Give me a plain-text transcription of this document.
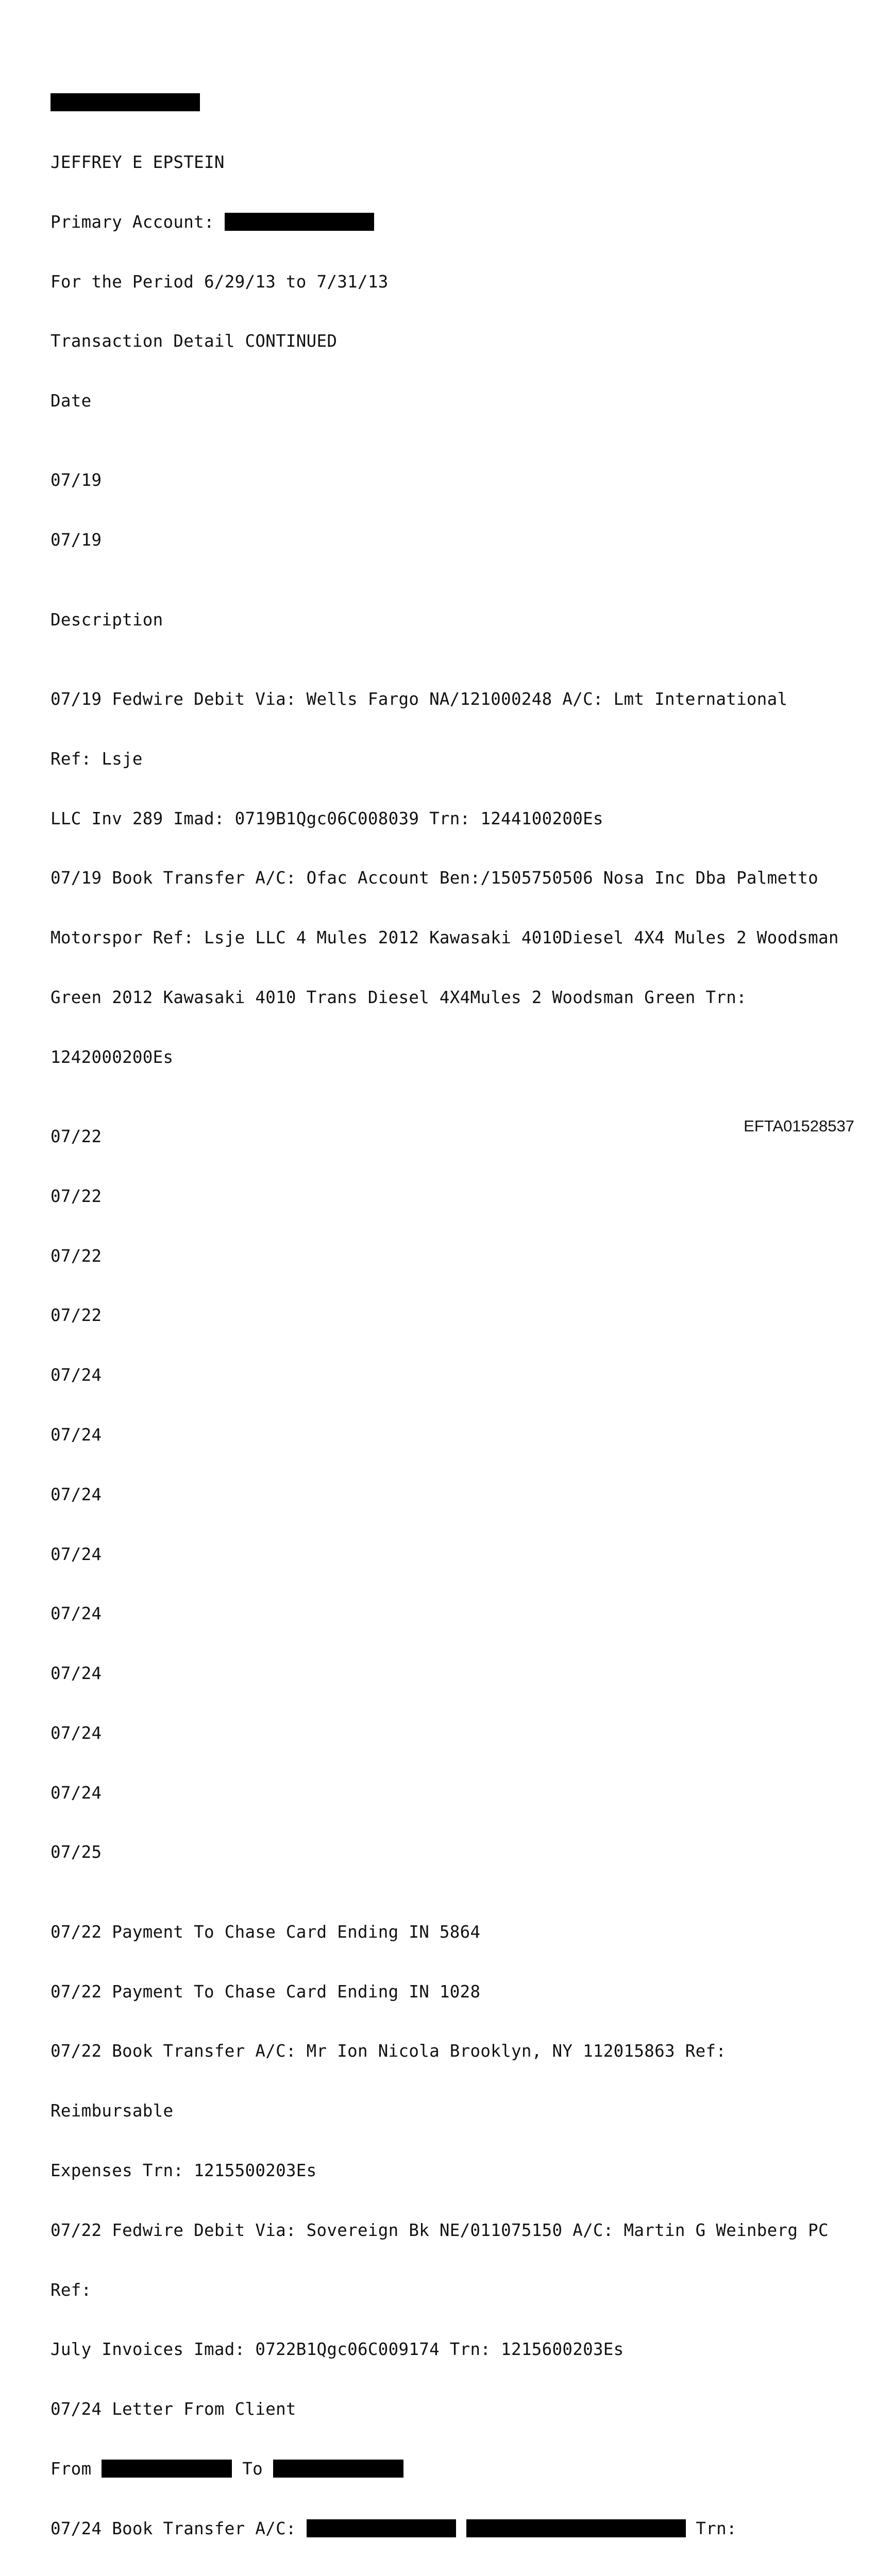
JEFFREY E EPSTEIN

Primary Account:

For the Period 6/29/13 to 7/31/13

Transaction Detail CONTINUED

Date

07/19

07/19

Description

07/19 Fedwire Debit Via: Wells Fargo NA/121000248 A/C: Lmt International

Ref: Lsje

LLC Inv 289 Imad: 0719B1Qgc06C008039 Trn: 1244100200Es

07/19 Book Transfer A/C: Ofac Account Ben:/1505750506 Nosa Inc Dba Palmetto

Motorspor Ref: Lsje LLC 4 Mules 2012 Kawasaki 4010Diesel 4X4 Mules 2 Woodsman

Green 2012 Kawasaki 4010 Trans Diesel 4X4Mules 2 Woodsman Green Trn:

1242000200Es

07/22

07/22

07/22

07/22

07/24

07/24

07/24

07/24

07/24

07/24

07/24

07/24

07/25

07/22 Payment To Chase Card Ending IN 5864

07/22 Payment To Chase Card Ending IN 1028

07/22 Book Transfer A/C: Mr Ion Nicola Brooklyn, NY 112015863 Ref:

Reimbursable

Expenses Trn: 1215500203Es

07/22 Fedwire Debit Via: Sovereign Bk NE/011075150 A/C: Martin G Weinberg PC

Ref:

July Invoices Imad: 0722B1Qgc06C009174 Trn: 1215600203Es

07/24 Letter From Client

From	To

07/24 Book Transfer A/C:	Trn:

EFTA01528537
